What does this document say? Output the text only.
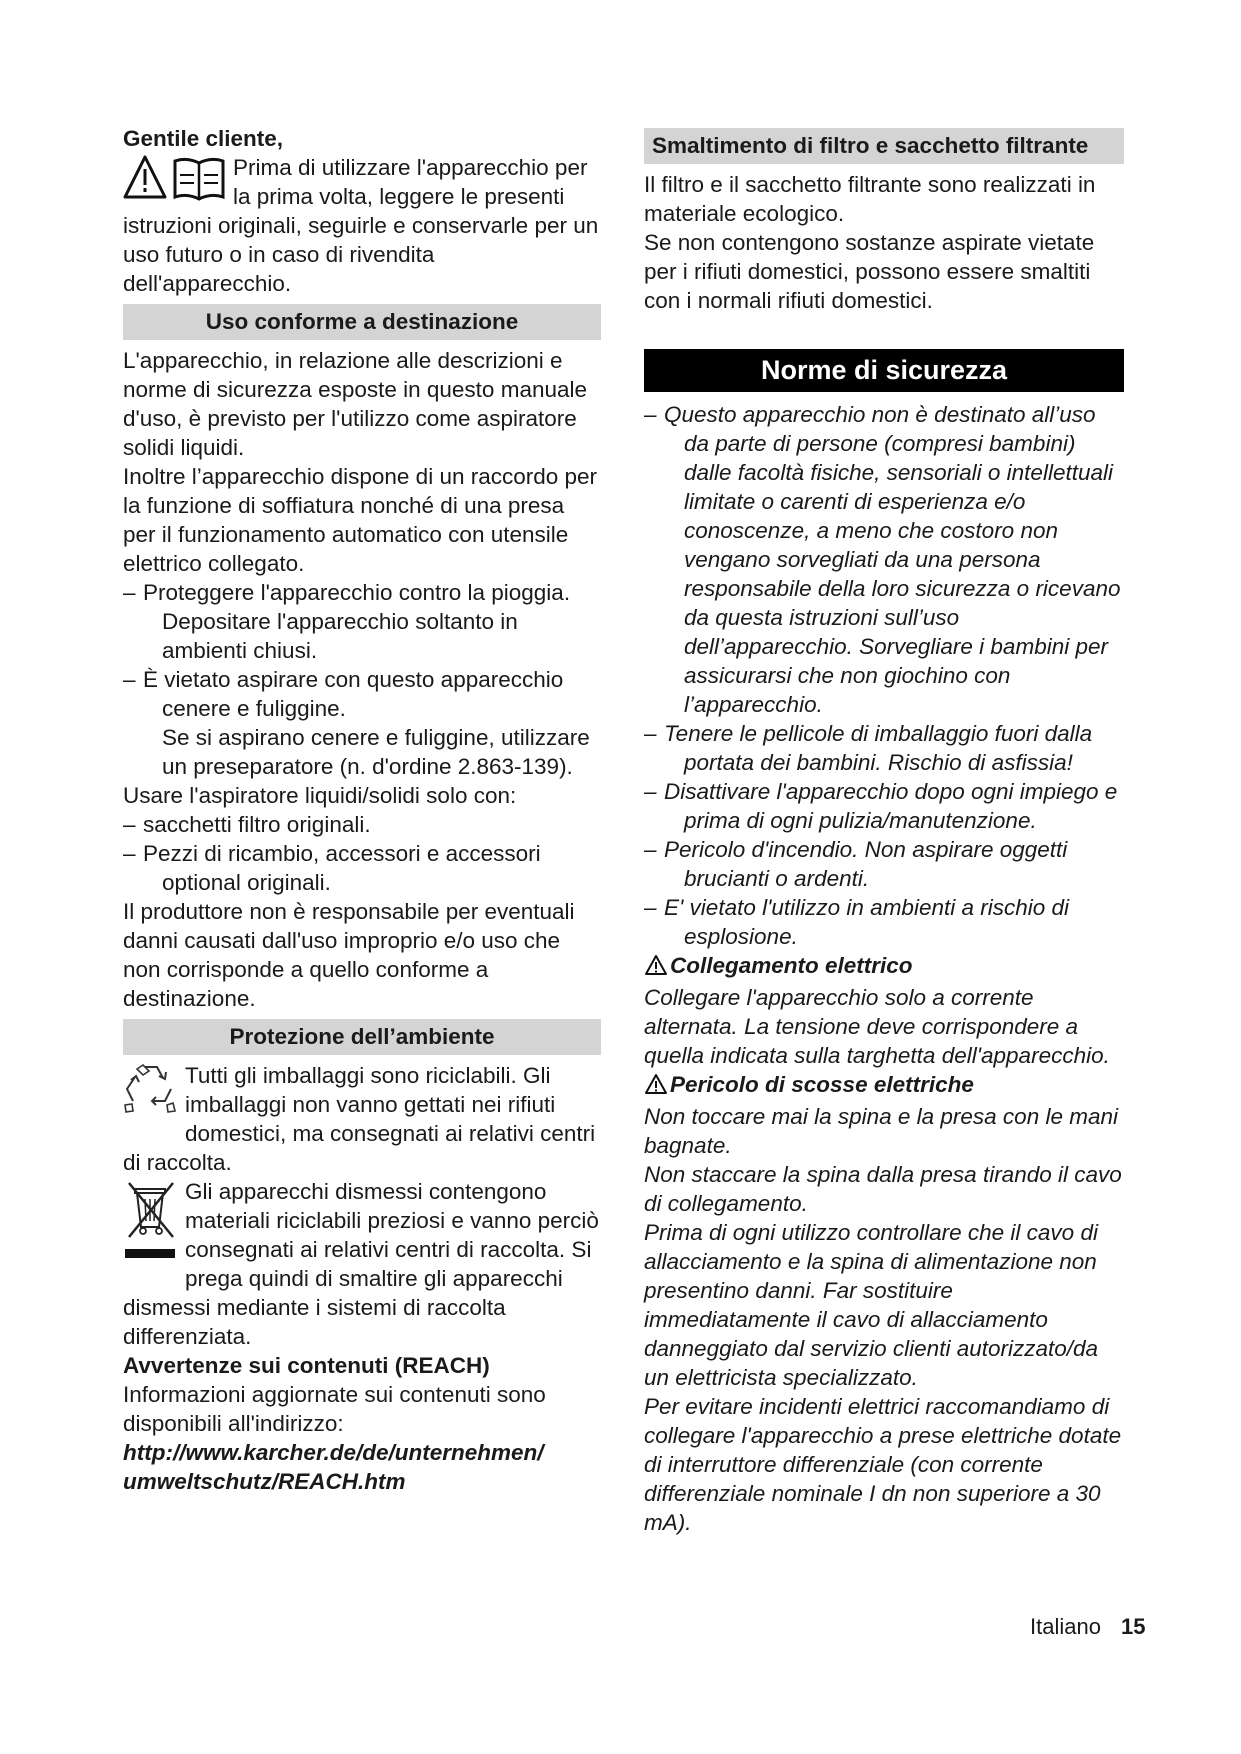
Gentile cliente,

Prima di utilizzare l'apparecchio per la prima volta, leggere le presenti istruzioni originali, seguirle e conservarle per un uso futuro o in caso di rivendita dell'apparecchio.

Uso conforme a destinazione

L'apparecchio, in relazione alle descrizioni e norme di sicurezza esposte in questo manuale d'uso, è previsto per l'utilizzo come aspiratore solidi liquidi.

Inoltre l’apparecchio dispone di un raccordo per la funzione di soffiatura nonché di una presa per il funzionamento automatico con utensile elettrico collegato.

– Proteggere l'apparecchio contro la pioggia. Depositare l'apparecchio soltanto in ambienti chiusi.

– È vietato aspirare con questo apparecchio cenere e fuliggine.

Se si aspirano cenere e fuliggine, utilizzare un preseparatore (n. d'ordine 2.863-139).

Usare l'aspiratore liquidi/solidi solo con:

– sacchetti filtro originali.

– Pezzi di ricambio, accessori e accessori optional originali.

Il produttore non è responsabile per eventuali danni causati dall'uso improprio e/o uso che non corrisponde a quello conforme a destinazione.

Protezione dell’ambiente

Tutti gli imballaggi sono riciclabili. Gli imballaggi non vanno gettati nei rifiuti domestici, ma consegnati ai relativi centri di raccolta.

Gli apparecchi dismessi contengono materiali riciclabili preziosi e vanno perciò consegnati ai relativi centri di raccolta. Si prega quindi di smaltire gli apparecchi dismessi mediante i sistemi di raccolta differenziata.

Avvertenze sui contenuti (REACH)

Informazioni aggiornate sui contenuti sono disponibili all'indirizzo:

http://www.karcher.de/de/unternehmen/

umweltschutz/REACH.htm

Smaltimento di filtro e sacchetto filtrante

Il filtro e il sacchetto filtrante sono realizzati in materiale ecologico.

Se non contengono sostanze aspirate vietate per i rifiuti domestici, possono essere smaltiti con i normali rifiuti domestici.

Norme di sicurezza

– Questo apparecchio non è destinato all’uso da parte di persone (compresi bambini) dalle facoltà fisiche, sensoriali o intellettuali limitate o carenti di esperienza e/o conoscenze, a meno che costoro non vengano sorvegliati da una persona responsabile della loro sicurezza o ricevano da questa istruzioni sull’uso dell’apparecchio. Sorvegliare i bambini per assicurarsi che non giochino con l’apparecchio.

– Tenere le pellicole di imballaggio fuori dalla portata dei bambini. Rischio di asfissia!

– Disattivare l'apparecchio dopo ogni impiego e prima di ogni pulizia/manutenzione.

– Pericolo d'incendio. Non aspirare oggetti brucianti o ardenti.

– E' vietato l'utilizzo in ambienti a rischio di esplosione.

Collegamento elettrico

Collegare l'apparecchio solo a corrente alternata. La tensione deve corrispondere a quella indicata sulla targhetta dell'apparecchio.

Pericolo di scosse elettriche

Non toccare mai la spina e la presa con le mani bagnate.

Non staccare la spina dalla presa tirando il cavo di collegamento.

Prima di ogni utilizzo controllare che il cavo di allacciamento e la spina di alimentazione non presentino danni. Far sostituire immediatamente il cavo di allacciamento danneggiato dal servizio clienti autorizzato/da un elettricista specializzato.

Per evitare incidenti elettrici raccomandiamo di collegare l'apparecchio a prese elettriche dotate di interruttore differenziale (con corrente differenziale nominale I dn non superiore a 30 mA).

Italiano 15
